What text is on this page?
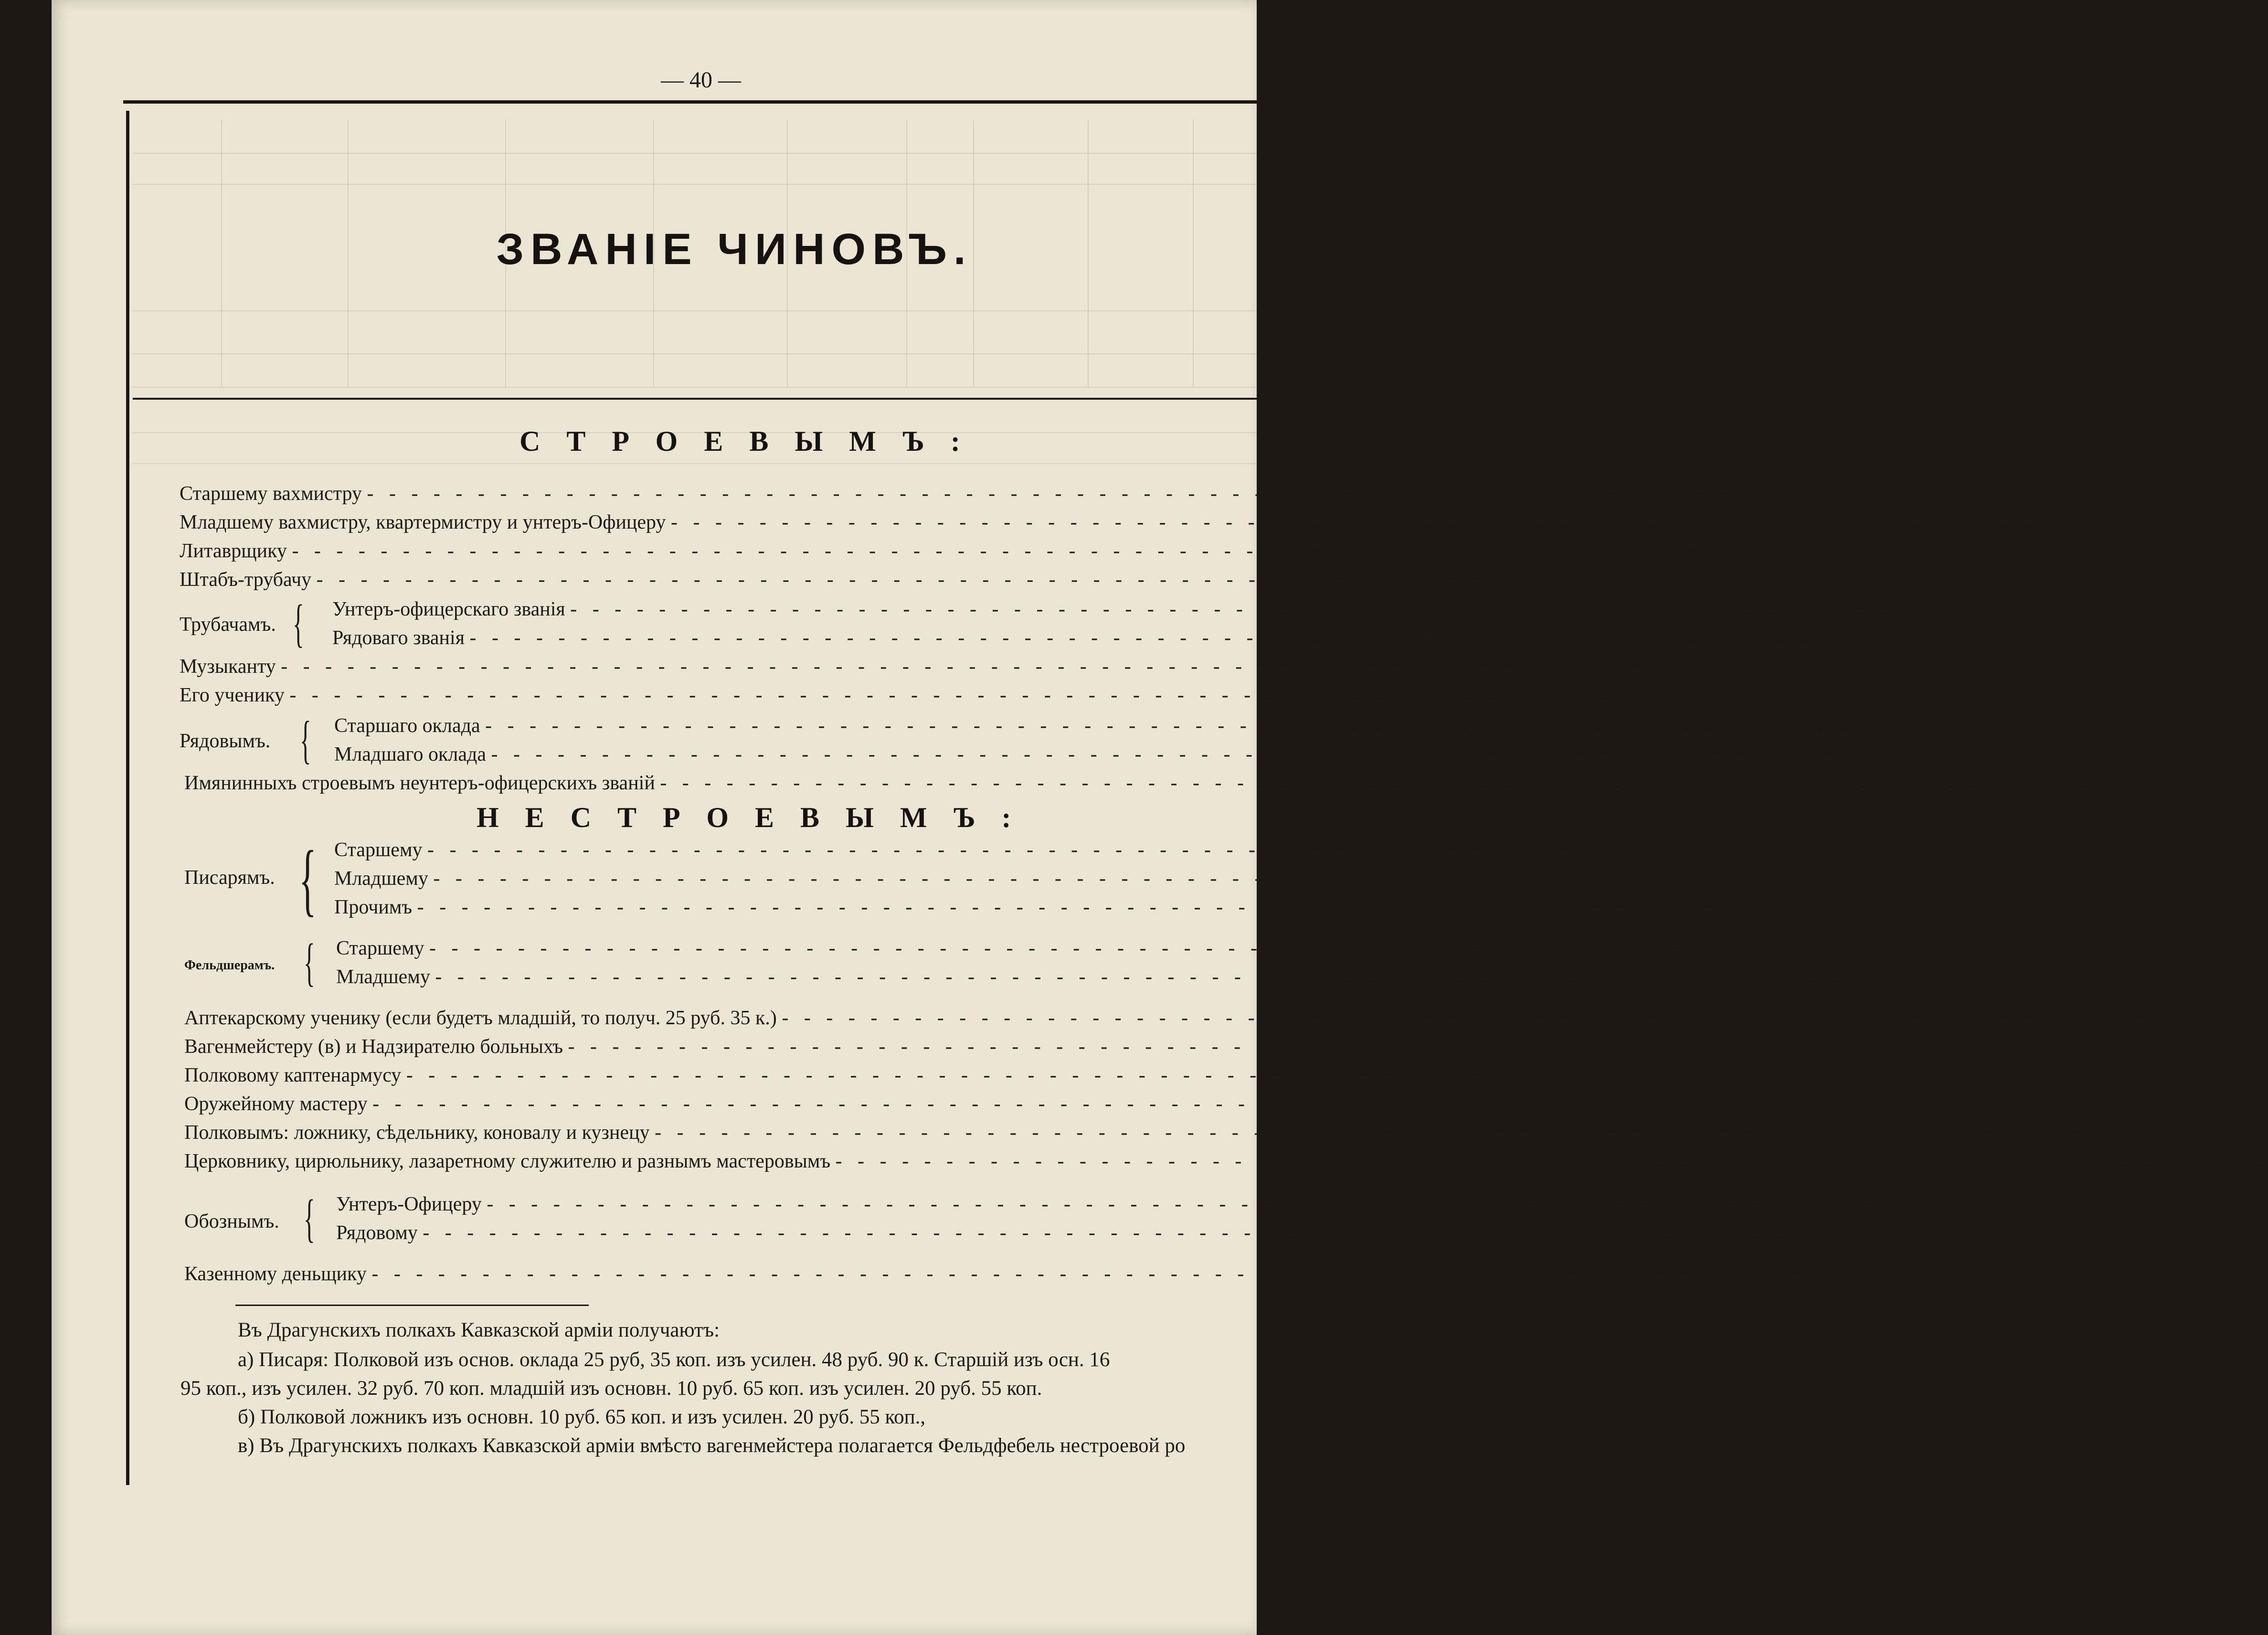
— 40 —
ЗВАНІЕ ЧИНОВЪ.
СТРОЕВЫМЪ:
Старшему вахмистру - - - - - - - - - - - - - - - - - - - - - - - - - - - - - - - - - - - - - - - - - - - - - - - - - - - - - - - - - - - - - - - - -
Младшему вахмистру, квартермистру и унтеръ-Офицеру - - - - - - - - - - - - - - - - - - - - - - - - - - - - - - - - - - - - - - - - - - - - - - - - - - - - - - - - - - - - - - - - -
Литаврщику - - - - - - - - - - - - - - - - - - - - - - - - - - - - - - - - - - - - - - - - - - - - - - - - - - - - - - - - - - - - - - - - -
Штабъ-трубачу - - - - - - - - - - - - - - - - - - - - - - - - - - - - - - - - - - - - - - - - - - - - - - - - - - - - - - - - - - - - - - - - -
Трубачамъ. { Унтеръ-офицерскаго званія - - - - - - - - - - - - - - - - - - - - - - - - - - - - - - - - - - - - - - - - - - - - - - - - - - - - - - - - - - - - - - - - -
Рядоваго званія - - - - - - - - - - - - - - - - - - - - - - - - - - - - - - - - - - - - - - - - - - - - - - - - - - - - - - - - - - - - - - - - -
Музыканту - - - - - - - - - - - - - - - - - - - - - - - - - - - - - - - - - - - - - - - - - - - - - - - - - - - - - - - - - - - - - - - - -
Его ученику - - - - - - - - - - - - - - - - - - - - - - - - - - - - - - - - - - - - - - - - - - - - - - - - - - - - - - - - - - - - - - - - -
Рядовымъ. { Старшаго оклада - - - - - - - - - - - - - - - - - - - - - - - - - - - - - - - - - - - - - - - - - - - - - - - - - - - - - - - - - - - - - - - - -
Младшаго оклада - - - - - - - - - - - - - - - - - - - - - - - - - - - - - - - - - - - - - - - - - - - - - - - - - - - - - - - - - - - - - - - - -
Имянинныхъ строевымъ неунтеръ-офицерскихъ званій - - - - - - - - - - - - - - - - - - - - - - - - - - - - - - - - - - - - - - - - - - - - - - - - - - - - - - - - - - - - - - - - -
НЕСТРОЕВЫМЪ:
Писарямъ. { Старшему - - - - - - - - - - - - - - - - - - - - - - - - - - - - - - - - - - - - - - - - - - - - - - - - - - - - - - - - - - - - - - - - -
Младшему - - - - - - - - - - - - - - - - - - - - - - - - - - - - - - - - - - - - - - - - - - - - - - - - - - - - - - - - - - - - - - - - -
Прочимъ - - - - - - - - - - - - - - - - - - - - - - - - - - - - - - - - - - - - - - - - - - - - - - - - - - - - - - - - - - - - - - - - -
Фельдшерамъ. { Старшему - - - - - - - - - - - - - - - - - - - - - - - - - - - - - - - - - - - - - - - - - - - - - - - - - - - - - - - - - - - - - - - - -
Младшему - - - - - - - - - - - - - - - - - - - - - - - - - - - - - - - - - - - - - - - - - - - - - - - - - - - - - - - - - - - - - - - - -
Аптекарскому ученику (если будетъ младшій, то получ. 25 руб. 35 к.) - - - - - - - - - - - - - - - - - - - - - - - - - - - - - - - - - - - - - - - - - - - - - - - - - - - - - - - - - - - - - - - - -
Вагенмейстеру (в) и Надзирателю больныхъ - - - - - - - - - - - - - - - - - - - - - - - - - - - - - - - - - - - - - - - - - - - - - - - - - - - - - - - - - - - - - - - - -
Полковому каптенармусу - - - - - - - - - - - - - - - - - - - - - - - - - - - - - - - - - - - - - - - - - - - - - - - - - - - - - - - - - - - - - - - - -
Оружейному мастеру - - - - - - - - - - - - - - - - - - - - - - - - - - - - - - - - - - - - - - - - - - - - - - - - - - - - - - - - - - - - - - - - -
Полковымъ: ложнику, сѣдельнику, коновалу и кузнецу - - - - - - - - - - - - - - - - - - - - - - - - - - - - - - - - - - - - - - - - - - - - - - - - - - - - - - - - - - - - - - - - -
Церковнику, цирюльнику, лазаретному служителю и разнымъ мастеровымъ - - - - - - - - - - - - - - - - - - - - - - - - - - - - - - - - - - - - - - - - - - - - - - - - - - - - - - - - - - - - - - - - -
Обознымъ. { Унтеръ-Офицеру - - - - - - - - - - - - - - - - - - - - - - - - - - - - - - - - - - - - - - - - - - - - - - - - - - - - - - - - - - - - - - - - -
Рядовому - - - - - - - - - - - - - - - - - - - - - - - - - - - - - - - - - - - - - - - - - - - - - - - - - - - - - - - - - - - - - - - - -
Казенному деньщику - - - - - - - - - - - - - - - - - - - - - - - - - - - - - - - - - - - - - - - - - - - - - - - - - - - - - - - - - - - - - - - - -
Въ Драгунскихъ полкахъ Кавказской арміи получаютъ:
а) Писаря: Полковой изъ основ. оклада 25 руб, 35 коп. изъ усилен. 48 руб. 90 к. Старшій изъ осн. 16
95 коп., изъ усилен. 32 руб. 70 коп. младшій изъ основн. 10 руб. 65 коп. изъ усилен. 20 руб. 55 коп.
б) Полковой ложникъ изъ основн. 10 руб. 65 коп. и изъ усилен. 20 руб. 55 коп.,
в) Въ Драгунскихъ полкахъ Кавказской арміи вмѣсто вагенмейстера полагается Фельдфебель нестроевой ро
